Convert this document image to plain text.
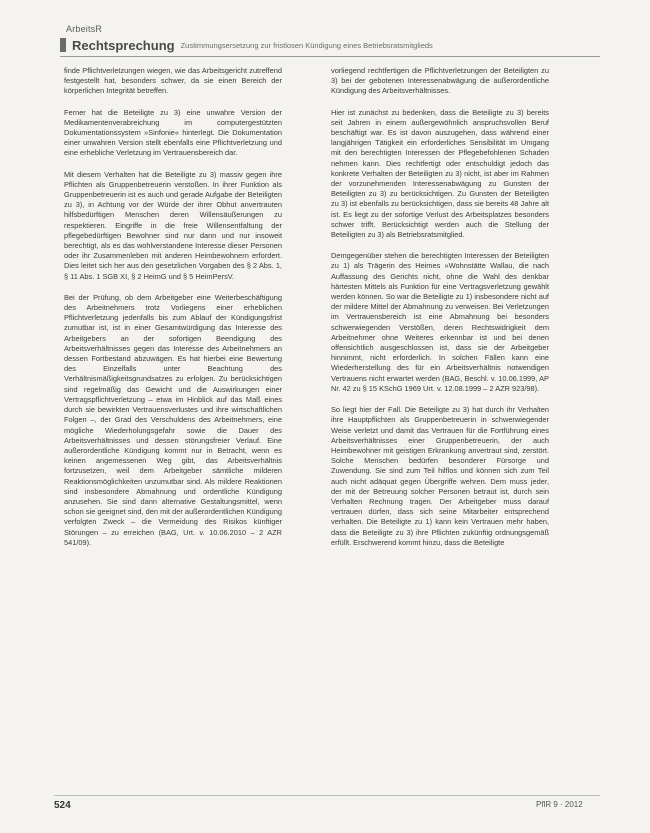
ArbeitsR
Rechtsprechung Zustimmungsersetzung zur fristlosen Kündigung eines Betriebsratsmitglieds

finde Pflichtverletzungen wiegen, wie das Arbeitsgericht zutreffend festgestellt hat, besonders schwer, da sie einen Bereich der körperlichen Integrität betreffen.

Ferner hat die Beteiligte zu 3) eine unwahre Version der Medikamentenverabreichung im computergestützten Dokumentationssystem »Sinfonie« hinterlegt. Die Dokumentation einer unwahren Version stellt ebenfalls eine Pflichtverletzung und eine erhebliche Verletzung im Vertrauensbereich dar.

Mit diesem Verhalten hat die Beteiligte zu 3) massiv gegen ihre Pflichten als Gruppenbetreuerin verstoßen. In ihrer Funktion als Gruppenbetreuerin ist es auch und gerade Aufgabe der Beteiligten zu 3), in Achtung vor der Würde der ihrer Obhut anvertrauten hilfsbedürftigen Menschen deren Willensäußerungen zu respektieren. Eingriffe in die freie Willensentfaltung der pflegebedürftigen Bewohner sind nur dann und nur insoweit berechtigt, als es das wohlverstandene Interesse dieser Personen oder ihr Zusammenleben mit anderen Heimbewohnern erfordert. Dies leitet sich her aus den gesetzlichen Vorgaben des § 2 Abs. 1, § 11 Abs. 1 SGB XI, § 2 HeimG und § 5 HeimPersV.

Bei der Prüfung, ob dem Arbeitgeber eine Weiterbeschäftigung des Arbeitnehmers trotz Vorliegens einer erheblichen Pflichtverletzung jedenfalls bis zum Ablauf der Kündigungsfrist zumutbar ist, ist in einer Gesamtwürdigung das Interesse des Arbeitgebers an der sofortigen Beendigung des Arbeitsverhältnisses gegen das Interesse des Arbeitnehmers an dessen Fortbestand abzuwägen. Es hat hierbei eine Bewertung des Einzelfalls unter Beachtung des Verhältnismäßigkeitsgrundsatzes zu erfolgen. Zu berücksichtigen sind regelmäßig das Gewicht und die Auswirkungen einer Vertragspflichtverletzung – etwa im Hinblick auf das Maß eines durch sie bewirkten Vertrauensverlustes und ihre wirtschaftlichen Folgen –, der Grad des Verschuldens des Arbeitnehmers, eine mögliche Wiederholungsgefahr sowie die Dauer des Arbeitsverhältnisses und dessen störungsfreier Verlauf. Eine außerordentliche Kündigung kommt nur in Betracht, wenn es keinen angemessenen Weg gibt, das Arbeitsverhältnis fortzusetzen, weil dem Arbeitgeber sämtliche milderen Reaktionsmöglichkeiten unzumutbar sind. Als mildere Reaktionen sind insbesondere Abmahnung und ordentliche Kündigung anzusehen. Sie sind dann alternative Gestaltungsmittel, wenn schon sie geeignet sind, den mit der außerordentlichen Kündigung verfolgten Zweck – die Vermeidung des Risikos künftiger Störungen – zu erreichen (BAG, Urt. v. 10.06.2010 – 2 AZR 541/09).

vorliegend rechtfertigen die Pflichtverletzungen der Beteiligten zu 3) bei der gebotenen Interessenabwägung die außerordentliche Kündigung des Arbeitsverhältnisses.

Hier ist zunächst zu bedenken, dass die Beteiligte zu 3) bereits seit Jahren in einem außergewöhnlich anspruchsvollen Beruf beschäftigt war. Es ist davon auszugehen, dass während einer langjährigen Tätigkeit ein erforderliches Sensibilität im Umgang mit den berechtigten Interessen der Pflegebefohlenen Schaden nehmen kann. Dies rechtfertigt oder entschuldigt jedoch das konkrete Verhalten der Beteiligten zu 3) nicht, ist aber im Rahmen der vorzunehmenden Interessenabwägung zu Gunsten der Beteiligten zu 3) zu berücksichtigen. Zu Gunsten der Beteiligten zu 3) ist ebenfalls zu berücksichtigen, dass sie bereits 48 Jahre alt ist. Es liegt zu der sofortige Verlust des Arbeitsplatzes besonders schwer trifft. Berücksichtigt werden auch die Stellung der Beteiligten zu 3) als Betriebsratsmitglied.

Demgegenüber stehen die berechtigten Interessen der Beteiligten zu 1) als Trägerin des Heimes »Wohnstätte Wallau, die nach Auffassung des Gerichts nicht, ohne die Wahl des denkbar härtesten Mittels als Funktion für eine Vertragsverletzung gewählt werden können. So war die Beteiligte zu 1) insbesondere nicht auf der mildere Mittel der Abmahnung zu verweisen. Bei Verletzungen im Vertrauensbereich ist eine Abmahnung bei besonders schwerwiegenden Verstößen, deren Rechtswidrigkeit dem Arbeitnehmer ohne Weiteres erkennbar ist und bei denen offensichtlich ausgeschlossen ist, dass sie der Arbeitgeber hinnimmt, nicht erforderlich. In solchen Fällen kann eine Wiederherstellung des für ein Arbeitsverhältnis notwendigen Vertrauens nicht erwartet werden (BAG, Beschl. v. 10.06.1999, AP Nr. 42 zu § 15 KSchG 1969 Urt. v. 12.08.1999 – 2 AZR 923/98).

So liegt hier der Fall. Die Beteiligte zu 3) hat durch ihr Verhalten ihre Hauptpflichten als Gruppenbetreuerin in schwerwiegender Weise verletzt und damit das Vertrauen für die Fortführung eines Arbeitsverhältnisses einer Gruppenbetreuerin, der auch Heimbewohner mit geistigen Erkrankung anvertraut sind, zerstört. Solche Menschen bedürfen besonderer Fürsorge und Zuwendung. Sie sind zum Teil hilflos und können sich zum Teil auch nicht adäquat gegen Übergriffe wehren. Dem muss jeder, der mit der Betreuung solcher Personen betraut ist, durch sein Verhalten Rechnung tragen. Der Arbeitgeber muss darauf vertrauen dürfen, dass sich seine Mitarbeiter entsprechend verhalten. Die Beteiligte zu 1) kann kein Vertrauen mehr haben, dass die Beteiligte zu 3) ihre Pflichten zukünftig ordnungsgemäß erfüllt. Erschwerend kommt hinzu, dass die Beteiligte

524	PflR 9 · 2012
